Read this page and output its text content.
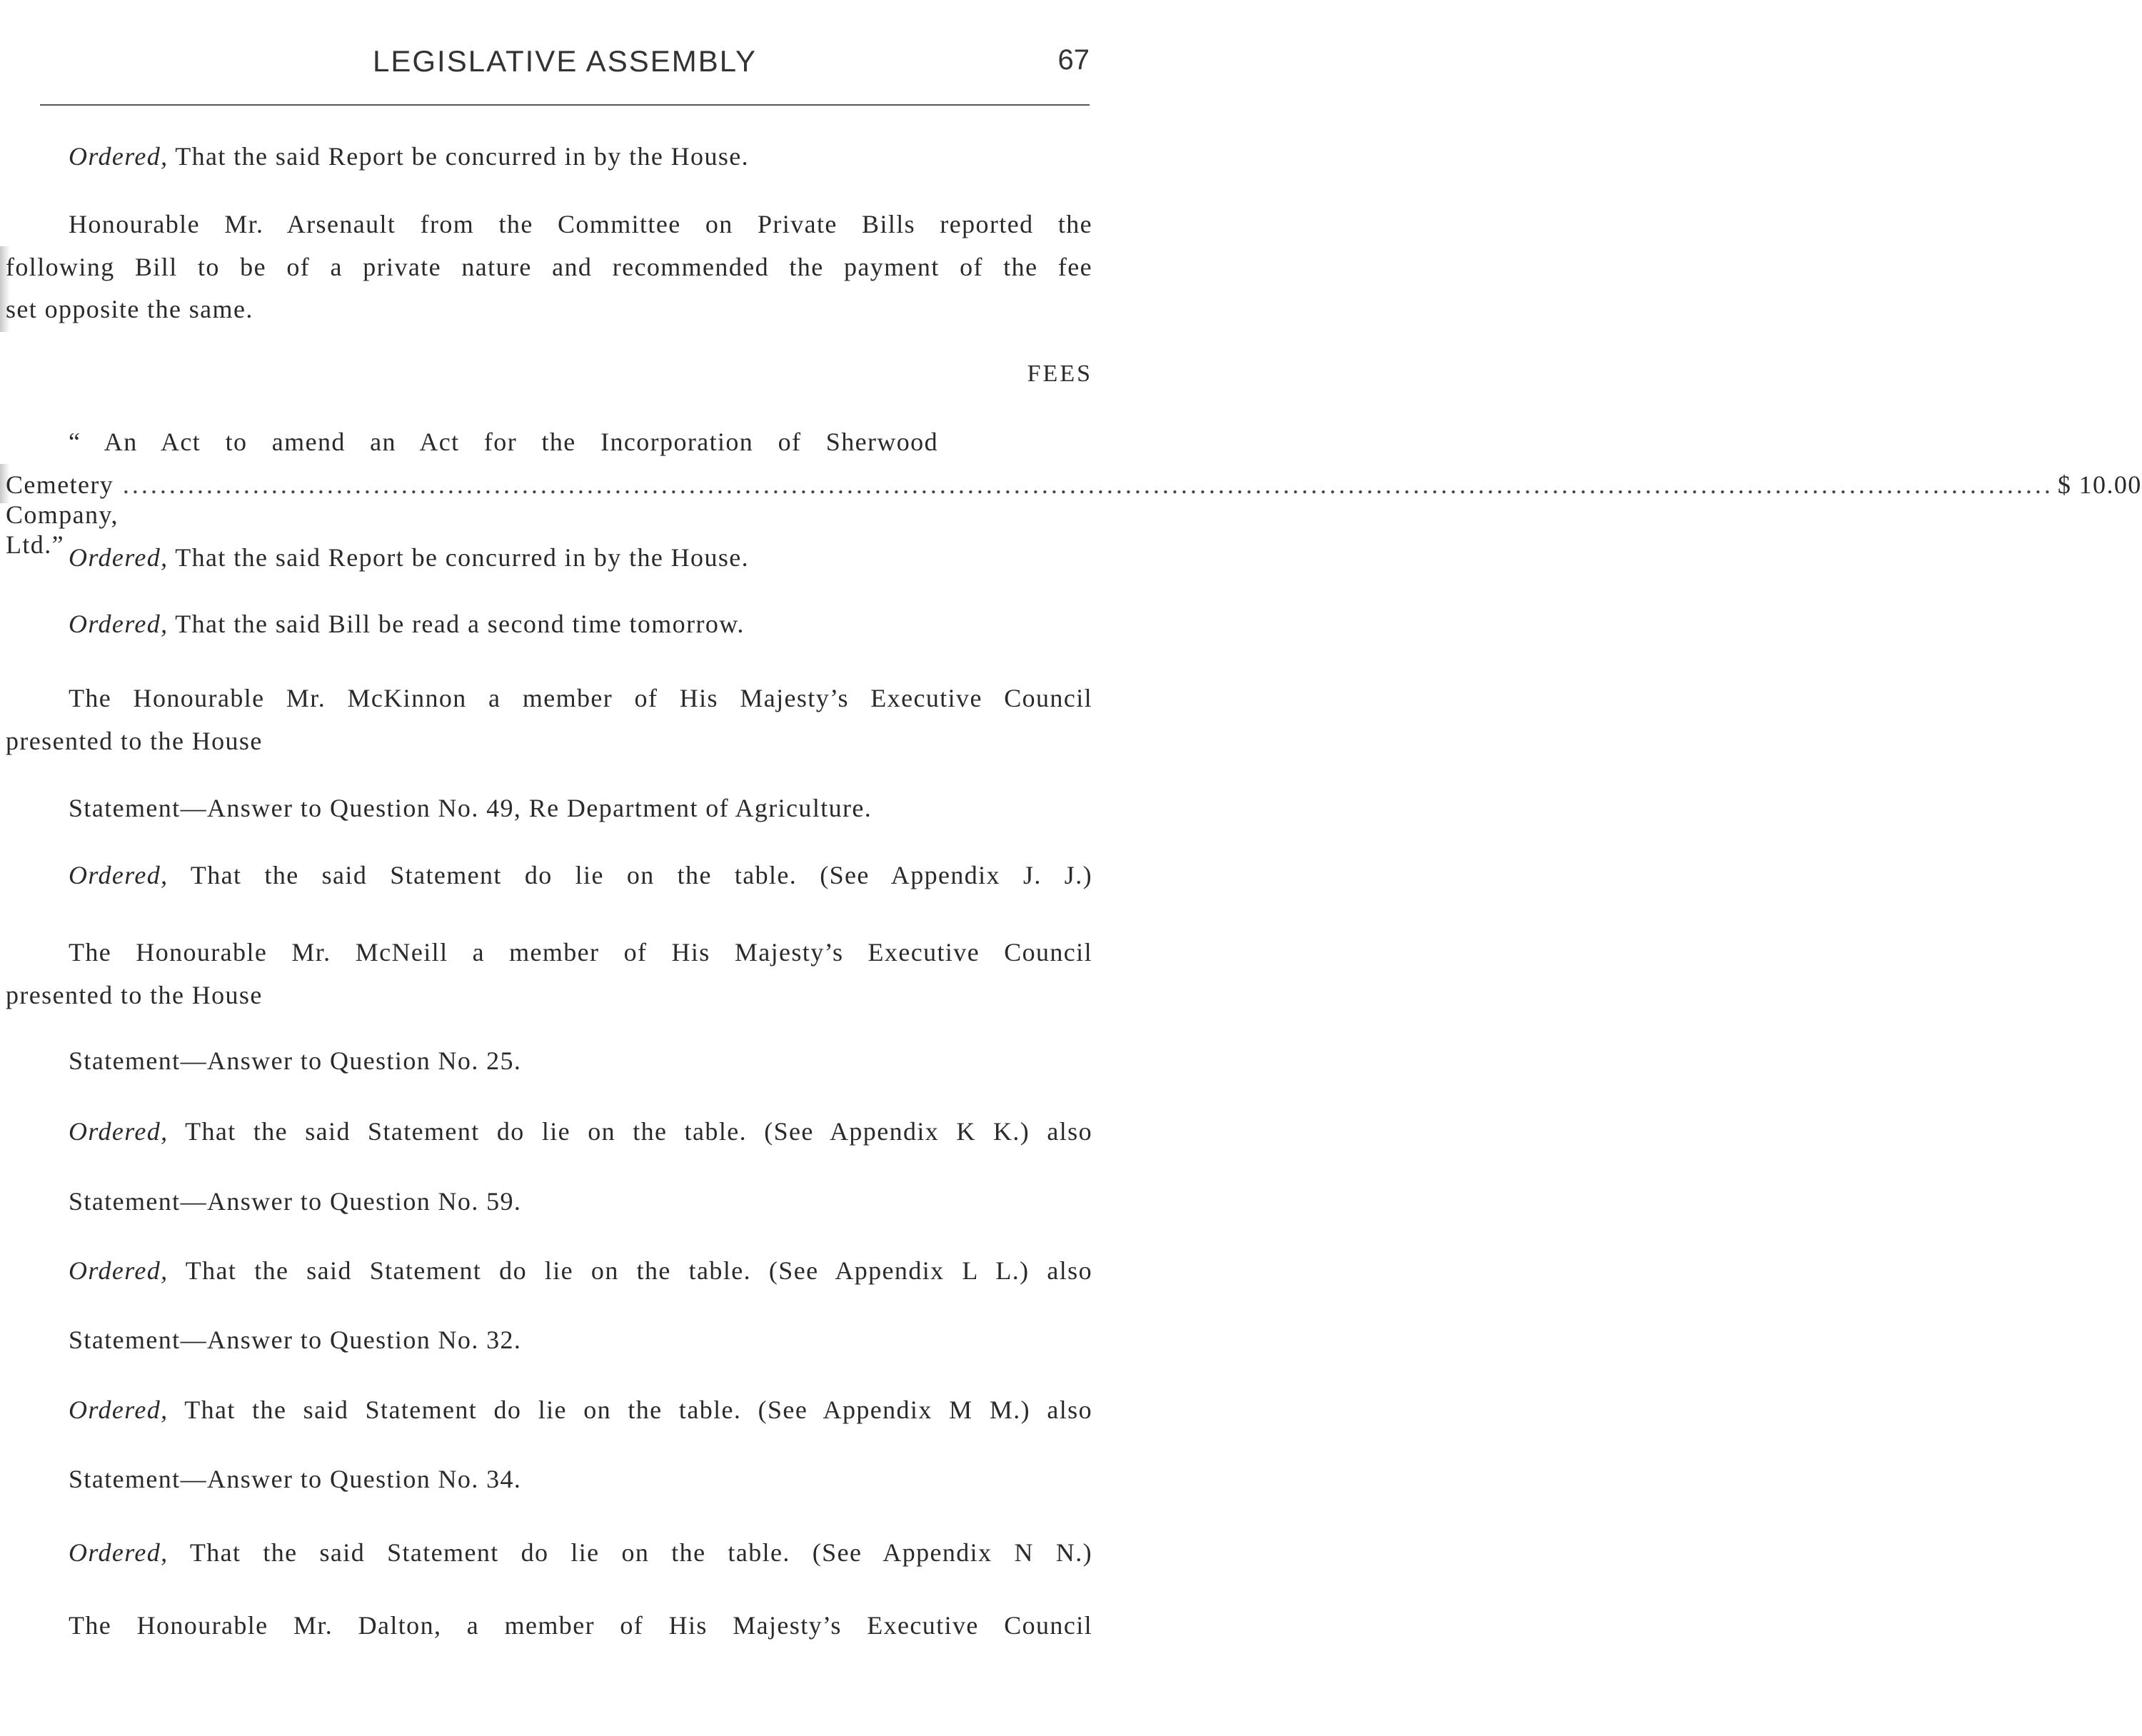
LEGISLATIVE ASSEMBLY	67
Ordered, That the said Report be concurred in by the House.
Honourable Mr. Arsenault from the Committee on Private Bills reported the
following Bill to be of a private nature and recommended the payment of the fee
set opposite the same.
FEES
“ An Act to amend an Act for the Incorporation of Sherwood
Cemetery Company, Ltd.”
................................................................................................................................................................................................................ $ 10.00
Ordered, That the said Report be concurred in by the House.
Ordered, That the said Bill be read a second time tomorrow.
The Honourable Mr. McKinnon a member of His Majesty’s Executive Council
presented to the House
Statement—Answer to Question No. 49, Re Department of Agriculture.
Ordered, That the said Statement do lie on the table. (See Appendix J. J.)
The Honourable Mr. McNeill a member of His Majesty’s Executive Council
presented to the House
Statement—Answer to Question No. 25.
Ordered, That the said Statement do lie on the table. (See Appendix K K.) also
Statement—Answer to Question No. 59.
Ordered, That the said Statement do lie on the table. (See Appendix L L.) also
Statement—Answer to Question No. 32.
Ordered, That the said Statement do lie on the table. (See Appendix M M.) also
Statement—Answer to Question No. 34.
Ordered, That the said Statement do lie on the table. (See Appendix N N.)
The Honourable Mr. Dalton, a member of His Majesty’s Executive Council
